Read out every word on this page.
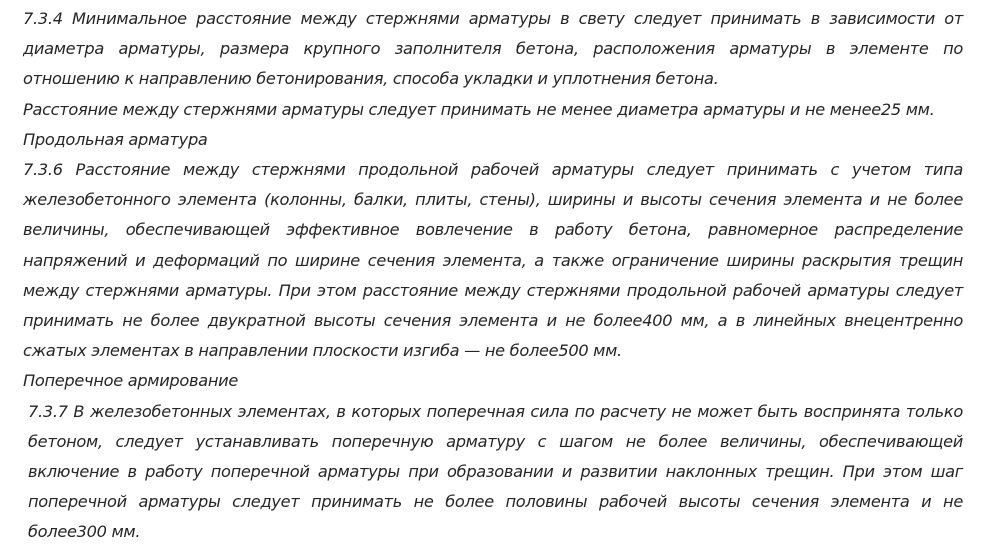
7.3.4 Минимальное расстояние между стержнями арматуры в свету следует принимать в зависимости от диаметра арматуры, размера крупного заполнителя бетона, расположения арматуры в элементе по отношению к направлению бетонирования, способа укладки и уплотнения бетона.

Расстояние между стержнями арматуры следует принимать не менее диаметра арматуры и не менее25 мм.

Продольная арматура

7.3.6 Расстояние между стержнями продольной рабочей арматуры следует принимать с учетом типа железобетонного элемента (колонны, балки, плиты, стены), ширины и высоты сечения элемента и не более величины, обеспечивающей эффективное вовлечение в работу бетона, равномерное распределение напряжений и деформаций по ширине сечения элемента, а также ограничение ширины раскрытия трещин между стержнями арматуры. При этом расстояние между стержнями продольной рабочей арматуры следует принимать не более двукратной высоты сечения элемента и не более400 мм, а в линейных внецентренно сжатых элементах в направлении плоскости изгиба — не более500 мм.

Поперечное армирование

7.3.7 В железобетонных элементах, в которых поперечная сила по расчету не может быть воспринята только бетоном, следует устанавливать поперечную арматуру с шагом не более величины, обеспечивающей включение в работу поперечной арматуры при образовании и развитии наклонных трещин. При этом шаг поперечной арматуры следует принимать не более половины рабочей высоты сечения элемента и не более300 мм.
